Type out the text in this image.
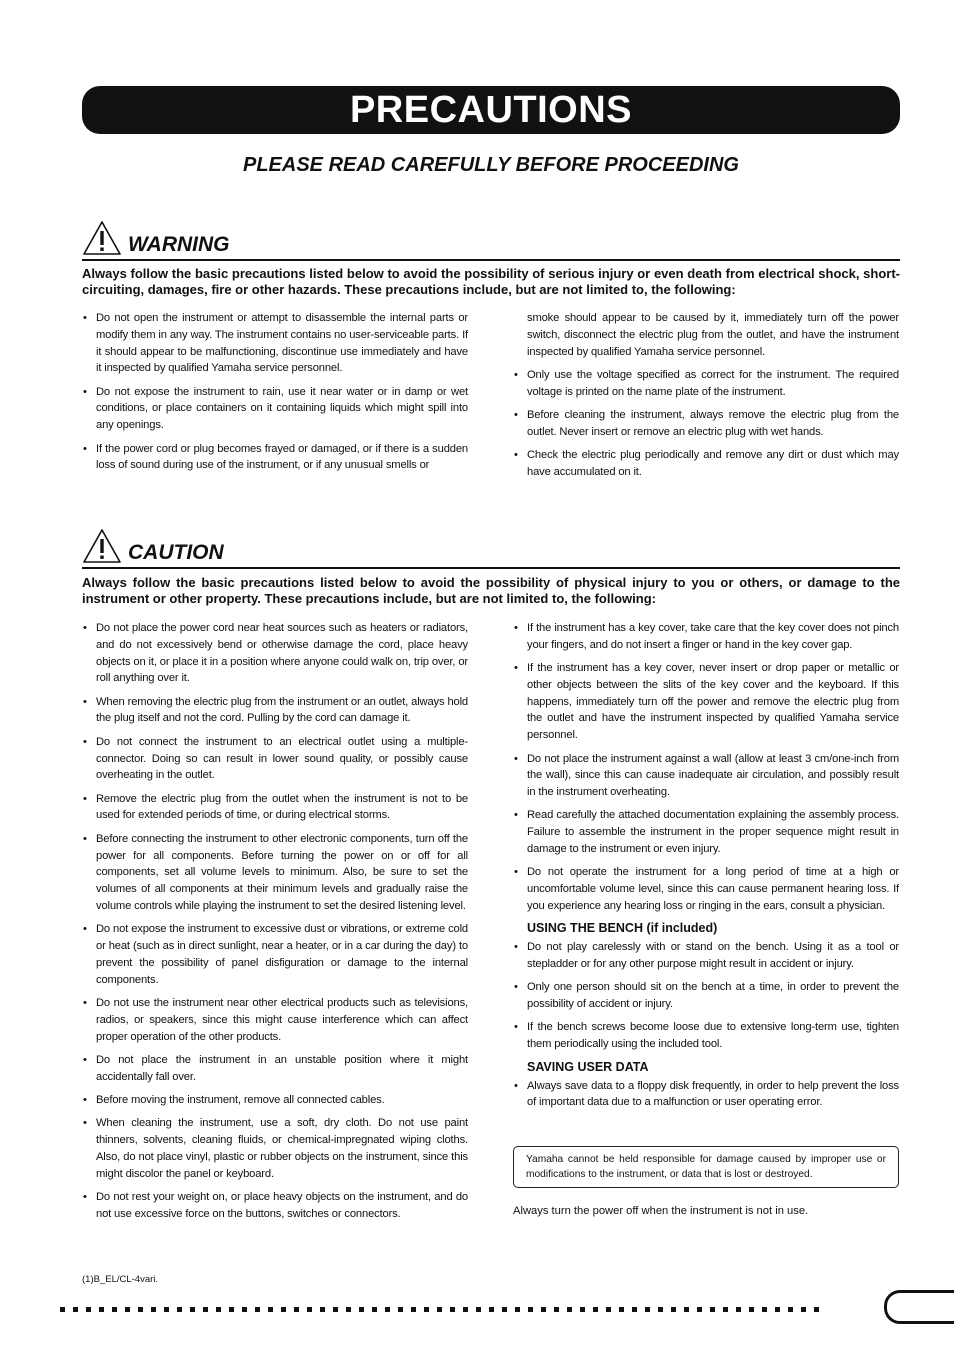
PRECAUTIONS
PLEASE READ CAREFULLY BEFORE PROCEEDING
WARNING
Always follow the basic precautions listed below to avoid the possibility of serious injury or even death from electrical shock, short-circuiting, damages, fire or other hazards. These precautions include, but are not limited to, the following:
• Do not open the instrument or attempt to disassemble the internal parts or modify them in any way. The instrument contains no user-serviceable parts. If it should appear to be malfunctioning, discontinue use immediately and have it inspected by qualified Yamaha service personnel.
• Do not expose the instrument to rain, use it near water or in damp or wet conditions, or place containers on it containing liquids which might spill into any openings.
• If the power cord or plug becomes frayed or damaged, or if there is a sudden loss of sound during use of the instrument, or if any unusual smells or
smoke should appear to be caused by it, immediately turn off the power switch, disconnect the electric plug from the outlet, and have the instrument inspected by qualified Yamaha service personnel.
• Only use the voltage specified as correct for the instrument. The required voltage is printed on the name plate of the instrument.
• Before cleaning the instrument, always remove the electric plug from the outlet. Never insert or remove an electric plug with wet hands.
• Check the electric plug periodically and remove any dirt or dust which may have accumulated on it.
CAUTION
Always follow the basic precautions listed below to avoid the possibility of physical injury to you or others, or damage to the instrument or other property. These precautions include, but are not limited to, the following:
• Do not place the power cord near heat sources such as heaters or radiators, and do not excessively bend or otherwise damage the cord, place heavy objects on it, or place it in a position where anyone could walk on, trip over, or roll anything over it.
• When removing the electric plug from the instrument or an outlet, always hold the plug itself and not the cord. Pulling by the cord can damage it.
• Do not connect the instrument to an electrical outlet using a multiple-connector. Doing so can result in lower sound quality, or possibly cause overheating in the outlet.
• Remove the electric plug from the outlet when the instrument is not to be used for extended periods of time, or during electrical storms.
• Before connecting the instrument to other electronic components, turn off the power for all components. Before turning the power on or off for all components, set all volume levels to minimum. Also, be sure to set the volumes of all components at their minimum levels and gradually raise the volume controls while playing the instrument to set the desired listening level.
• Do not expose the instrument to excessive dust or vibrations, or extreme cold or heat (such as in direct sunlight, near a heater, or in a car during the day) to prevent the possibility of panel disfiguration or damage to the internal components.
• Do not use the instrument near other electrical products such as televisions, radios, or speakers, since this might cause interference which can affect proper operation of the other products.
• Do not place the instrument in an unstable position where it might accidentally fall over.
• Before moving the instrument, remove all connected cables.
• When cleaning the instrument, use a soft, dry cloth. Do not use paint thinners, solvents, cleaning fluids, or chemical-impregnated wiping cloths. Also, do not place vinyl, plastic or rubber objects on the instrument, since this might discolor the panel or keyboard.
• Do not rest your weight on, or place heavy objects on the instrument, and do not use excessive force on the buttons, switches or connectors.
• If the instrument has a key cover, take care that the key cover does not pinch your fingers, and do not insert a finger or hand in the key cover gap.
• If the instrument has a key cover, never insert or drop paper or metallic or other objects between the slits of the key cover and the keyboard. If this happens, immediately turn off the power and remove the electric plug from the outlet and have the instrument inspected by qualified Yamaha service personnel.
• Do not place the instrument against a wall (allow at least 3 cm/one-inch from the wall), since this can cause inadequate air circulation, and possibly result in the instrument overheating.
• Read carefully the attached documentation explaining the assembly process. Failure to assemble the instrument in the proper sequence might result in damage to the instrument or even injury.
• Do not operate the instrument for a long period of time at a high or uncomfortable volume level, since this can cause permanent hearing loss. If you experience any hearing loss or ringing in the ears, consult a physician.
USING THE BENCH (if included)
• Do not play carelessly with or stand on the bench. Using it as a tool or stepladder or for any other purpose might result in accident or injury.
• Only one person should sit on the bench at a time, in order to prevent the possibility of accident or injury.
• If the bench screws become loose due to extensive long-term use, tighten them periodically using the included tool.
SAVING USER DATA
• Always save data to a floppy disk frequently, in order to help prevent the loss of important data due to a malfunction or user operating error.
Yamaha cannot be held responsible for damage caused by improper use or modifications to the instrument, or data that is lost or destroyed.
Always turn the power off when the instrument is not in use.
(1)B_EL/CL-4vari.
